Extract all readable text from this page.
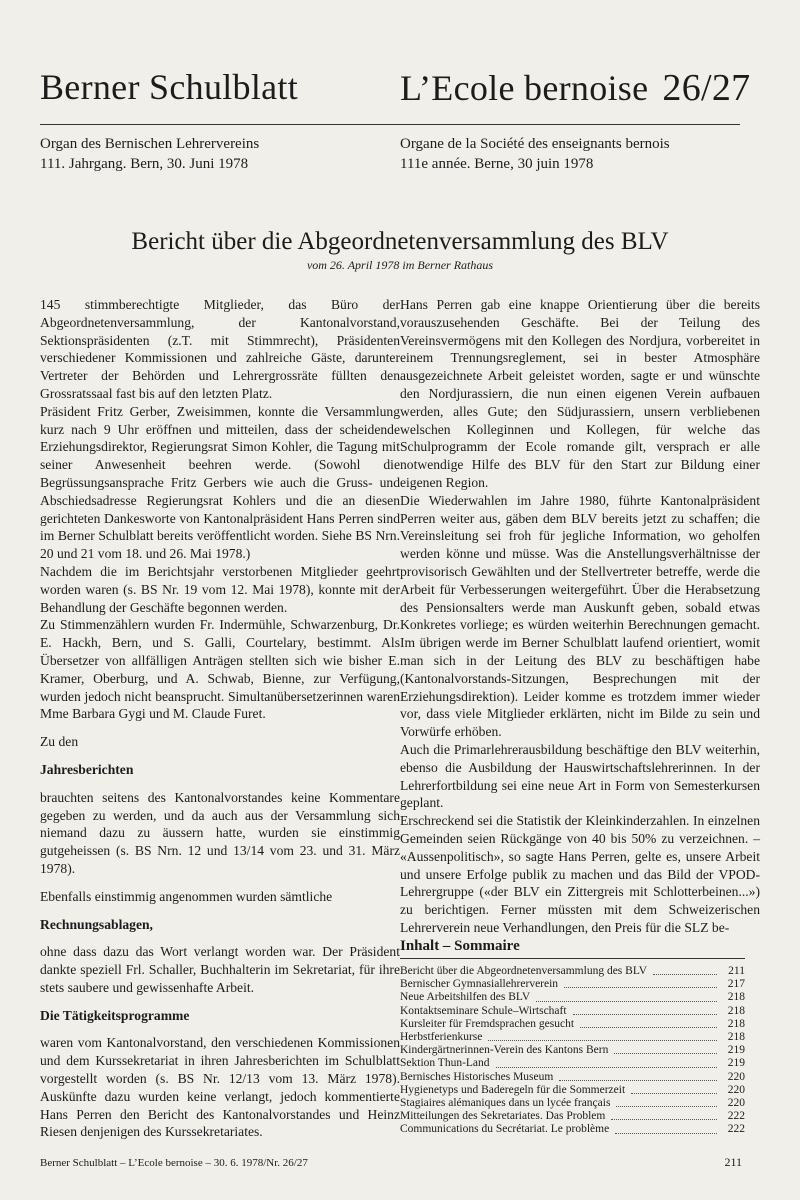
Berner Schulblatt	L’Ecole bernoise 26/27
Organ des Bernischen Lehrervereins
111. Jahrgang. Bern, 30. Juni 1978
Organe de la Société des enseignants bernois
111e année. Berne, 30 juin 1978
Bericht über die Abgeordnetenversammlung des BLV
vom 26. April 1978 im Berner Rathaus

145 stimmberechtigte Mitglieder, das Büro der Abgeordnetenversammlung, der Kantonalvorstand, Sektionspräsidenten (z.T. mit Stimmrecht), Präsidenten verschiedener Kommissionen und zahlreiche Gäste, darunter Vertreter der Behörden und Lehrergrossräte füllten den Grossratssaal fast bis auf den letzten Platz.

Präsident Fritz Gerber, Zweisimmen, konnte die Versammlung kurz nach 9 Uhr eröffnen und mitteilen, dass der scheidende Erziehungsdirektor, Regierungsrat Simon Kohler, die Tagung mit seiner Anwesenheit beehren werde. (Sowohl die Begrüssungsansprache Fritz Gerbers wie auch die Gruss- und Abschiedsadresse Regierungsrat Kohlers und die an diesen gerichteten Dankesworte von Kantonalpräsident Hans Perren sind im Berner Schulblatt bereits veröffentlicht worden. Siehe BS Nrn. 20 und 21 vom 18. und 26. Mai 1978.)

Nachdem die im Berichtsjahr verstorbenen Mitglieder geehrt worden waren (s. BS Nr. 19 vom 12. Mai 1978), konnte mit der Behandlung der Geschäfte begonnen werden.

Zu Stimmenzählern wurden Fr. Indermühle, Schwarzenburg, Dr. E. Hackh, Bern, und S. Galli, Courtelary, bestimmt. Als Übersetzer von allfälligen Anträgen stellten sich wie bisher E. Kramer, Oberburg, und A. Schwab, Bienne, zur Verfügung, wurden jedoch nicht beansprucht. Simultanübersetzerinnen waren Mme Barbara Gygi und M. Claude Furet.

Zu den

Jahresberichten

brauchten seitens des Kantonalvorstandes keine Kommentare gegeben zu werden, und da auch aus der Versammlung sich niemand dazu zu äussern hatte, wurden sie einstimmig gutgeheissen (s. BS Nrn. 12 und 13/14 vom 23. und 31. März 1978).

Ebenfalls einstimmig angenommen wurden sämtliche

Rechnungsablagen,

ohne dass dazu das Wort verlangt worden war. Der Präsident dankte speziell Frl. Schaller, Buchhalterin im Sekretariat, für ihre stets saubere und gewissenhafte Arbeit.

Die Tätigkeitsprogramme

waren vom Kantonalvorstand, den verschiedenen Kommissionen und dem Kurssekretariat in ihren Jahresberichten im Schulblatt vorgestellt worden (s. BS Nr. 12/13 vom 13. März 1978). Auskünfte dazu wurden keine verlangt, jedoch kommentierte Hans Perren den Bericht des Kantonalvorstandes und Heinz Riesen denjenigen des Kurssekretariates.

Hans Perren gab eine knappe Orientierung über die bereits vorauszusehenden Geschäfte. Bei der Teilung des Vereinsvermögens mit den Kollegen des Nordjura, vorbereitet in einem Trennungsreglement, sei in bester Atmosphäre ausgezeichnete Arbeit geleistet worden, sagte er und wünschte den Nordjurassiern, die nun einen eigenen Verein aufbauen werden, alles Gute; den Südjurassiern, unsern verbliebenen welschen Kolleginnen und Kollegen, für welche das Schulprogramm der Ecole romande gilt, versprach er alle notwendige Hilfe des BLV für den Start zur Bildung einer eigenen Region.

Die Wiederwahlen im Jahre 1980, führte Kantonalpräsident Perren weiter aus, gäben dem BLV bereits jetzt zu schaffen; die Vereinsleitung sei froh für jegliche Information, wo geholfen werden könne und müsse. Was die Anstellungsverhältnisse der provisorisch Gewählten und der Stellvertreter betreffe, werde die Arbeit für Verbesserungen weitergeführt. Über die Herabsetzung des Pensionsalters werde man Auskunft geben, sobald etwas Konkretes vorliege; es würden weiterhin Berechnungen gemacht. Im übrigen werde im Berner Schulblatt laufend orientiert, womit man sich in der Leitung des BLV zu beschäftigen habe (Kantonalvorstands-Sitzungen, Besprechungen mit der Erziehungsdirektion). Leider komme es trotzdem immer wieder vor, dass viele Mitglieder erklärten, nicht im Bilde zu sein und Vorwürfe erhöben.

Auch die Primarlehrerausbildung beschäftige den BLV weiterhin, ebenso die Ausbildung der Hauswirtschaftslehrerinnen. In der Lehrerfortbildung sei eine neue Art in Form von Semesterkursen geplant.

Erschreckend sei die Statistik der Kleinkinderzahlen. In einzelnen Gemeinden seien Rückgänge von 40 bis 50% zu verzeichnen. – «Aussenpolitisch», so sagte Hans Perren, gelte es, unsere Arbeit und unsere Erfolge publik zu machen und das Bild der VPOD-Lehrergruppe («der BLV ein Zittergreis mit Schlotterbeinen...») zu berichtigen. Ferner müssten mit dem Schweizerischen Lehrerverein neue Verhandlungen, den Preis für die SLZ be-

Inhalt – Sommaire
Bericht über die Abgeordnetenversammlung des BLV	211
Bernischer Gymnasiallehrerverein	217
Neue Arbeitshilfen des BLV	218
Kontaktseminare Schule–Wirtschaft	218
Kursleiter für Fremdsprachen gesucht	218
Herbstferienkurse	218
Kindergärtnerinnen-Verein des Kantons Bern	219
Sektion Thun-Land	219
Bernisches Historisches Museum	220
Hygienetyps und Baderegeln für die Sommerzeit	220
Stagiaires alémaniques dans un lycée français	220
Mitteilungen des Sekretariates. Das Problem	222
Communications du Secrétariat. Le problème	222
Berner Schulblatt – L’Ecole bernoise – 30. 6. 1978/Nr. 26/27	211
